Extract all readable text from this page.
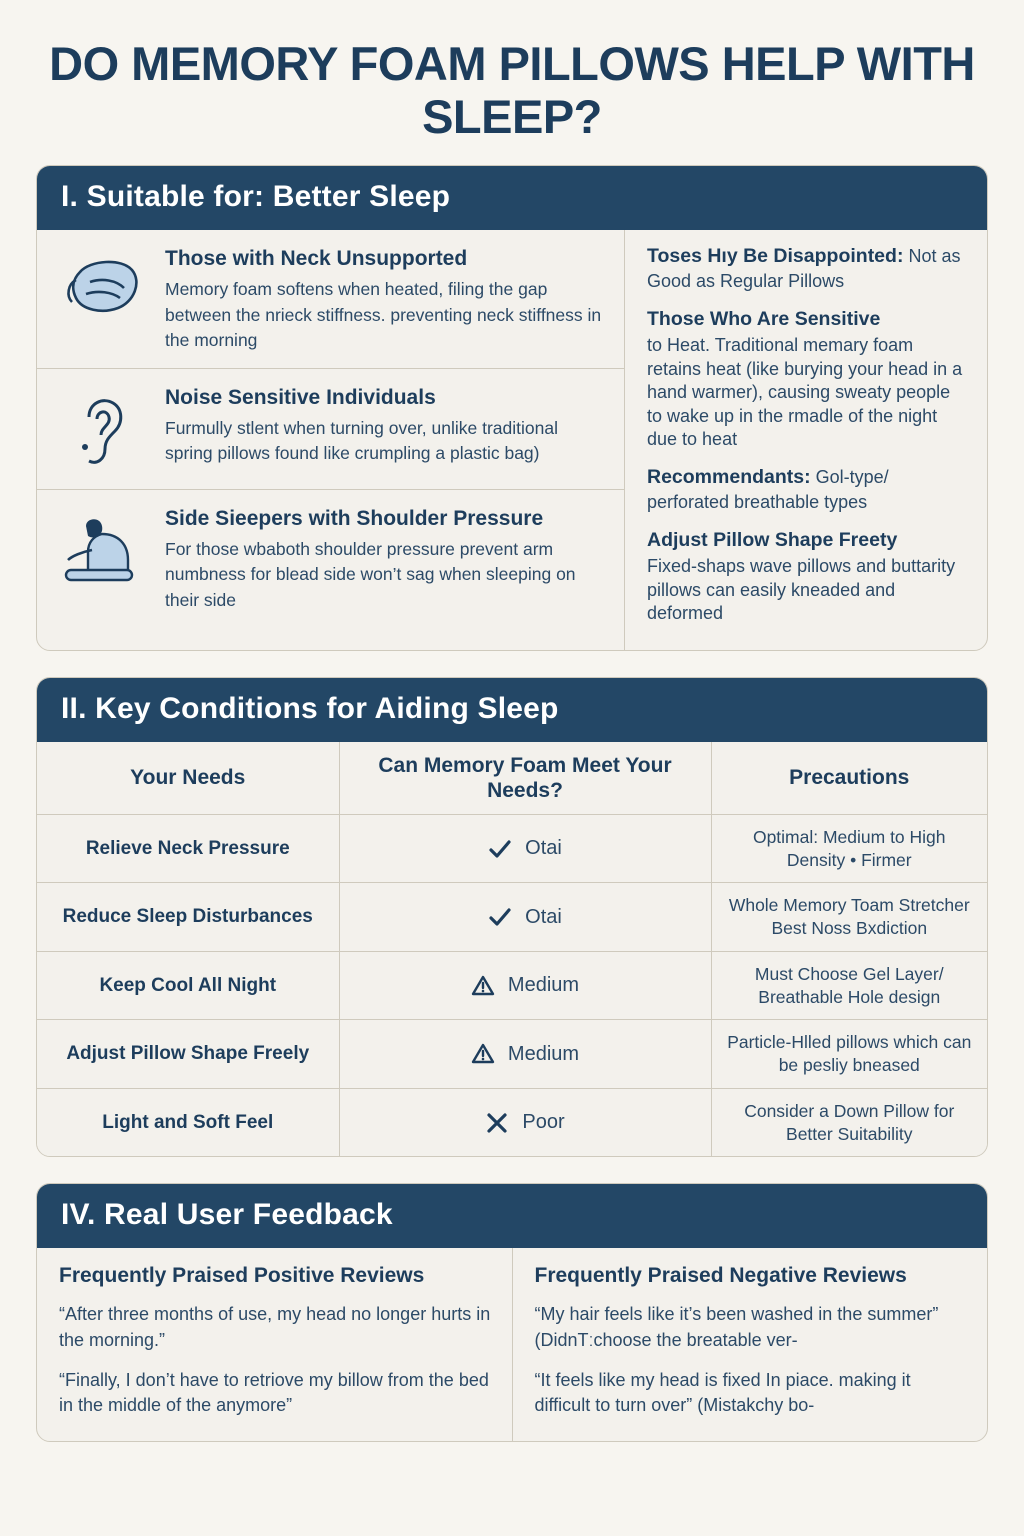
DO MEMORY FOAM PILLOWS HELP WITH SLEEP?
I. Suitable for: Better Sleep
Those with Neck Unsupported
Memory foam softens when heated, filing the gap between the nrieck stiffness. preventing neck stiffness in the morning
Noise Sensitive Individuals
Furmully stlent when turning over, unlike traditional spring pillows found like crumpling a plastic bag)
Side Sieepers with Shoulder Pressure
For those wbaboth shoulder pressure prevent arm numbness for blead side won’t sag when sleeping on their side
Toses Hıy Be Disappointed: Not as Good as Regular Pillows
Those Who Are Sensitive
to Heat. Traditional memary foam retains heat (like burying your head in a hand warmer), causing sweaty people to wake up in the rmadle of the night due to heat
Recommendants: Gol-type/ perforated breathable types
Adjust Pillow Shape Freety
Fixed-shaps wave pillows and buttarity pillows can easily kneaded and deformed
II. Key Conditions for Aiding Sleep
Your Needs	Can Memory Foam Meet Your Needs?	Precautions
Relieve Neck Pressure	Otai	Optimal: Medium to High Density • Firmer
Reduce Sleep Disturbances	Otai	Whole Memory Toam Stretcher Best Noss Bxdiction
Keep Cool All Night	Medium	Must Choose Gel Layer/ Breathable Hole design
Adjust Pillow Shape Freely	Medium	Particle-Hlled pillows which can be pesliy bneased
Light and Soft Feel	Poor	Consider a Down Pillow for Better Suitability
IV. Real User Feedback
Frequently Praised Positive Reviews
“After three months of use, my head no longer hurts in the morning.”
“Finally, I don’t have to retriove my billow from the bed in the middle of the anymore”
Frequently Praised Negative Reviews
“My hair feels like it’s been washed in the summer” (DidnTːchoose the breatable ver-
“It feels like my head is fixed In piace. making it difficult to turn over” (Mistakchy bo-
